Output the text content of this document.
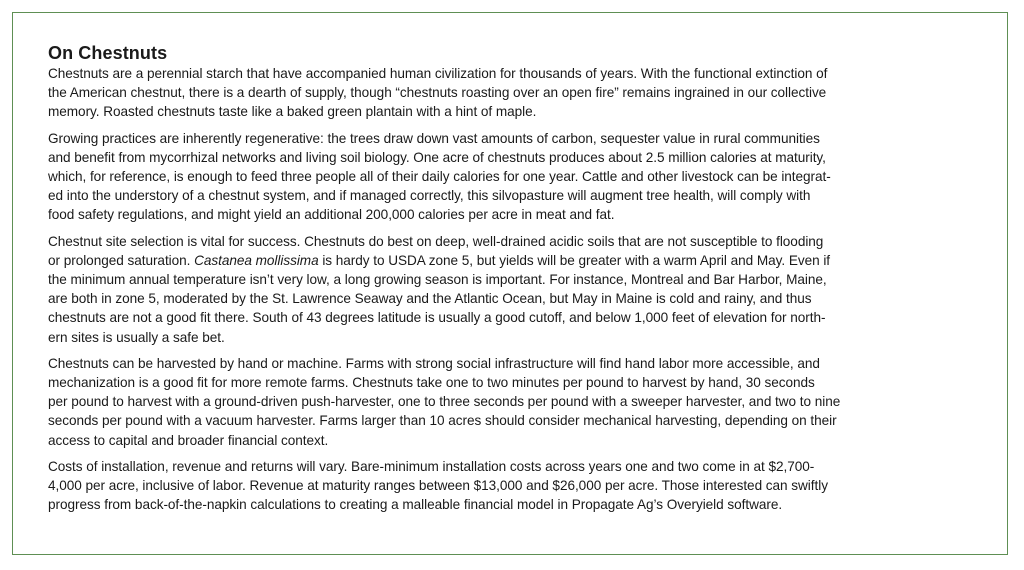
On Chestnuts

Chestnuts are a perennial starch that have accompanied human civilization for thousands of years. With the functional extinction of
the American chestnut, there is a dearth of supply, though “chestnuts roasting over an open fire” remains ingrained in our collective
memory. Roasted chestnuts taste like a baked green plantain with a hint of maple.

Growing practices are inherently regenerative: the trees draw down vast amounts of carbon, sequester value in rural communities
and benefit from mycorrhizal networks and living soil biology. One acre of chestnuts produces about 2.5 million calories at maturity,
which, for reference, is enough to feed three people all of their daily calories for one year. Cattle and other livestock can be integrat-
ed into the understory of a chestnut system, and if managed correctly, this silvopasture will augment tree health, will comply with
food safety regulations, and might yield an additional 200,000 calories per acre in meat and fat.

Chestnut site selection is vital for success. Chestnuts do best on deep, well-drained acidic soils that are not susceptible to flooding
or prolonged saturation. Castanea mollissima is hardy to USDA zone 5, but yields will be greater with a warm April and May. Even if
the minimum annual temperature isn’t very low, a long growing season is important. For instance, Montreal and Bar Harbor, Maine,
are both in zone 5, moderated by the St. Lawrence Seaway and the Atlantic Ocean, but May in Maine is cold and rainy, and thus
chestnuts are not a good fit there. South of 43 degrees latitude is usually a good cutoff, and below 1,000 feet of elevation for north-
ern sites is usually a safe bet.

Chestnuts can be harvested by hand or machine. Farms with strong social infrastructure will find hand labor more accessible, and
mechanization is a good fit for more remote farms. Chestnuts take one to two minutes per pound to harvest by hand, 30 seconds
per pound to harvest with a ground-driven push-harvester, one to three seconds per pound with a sweeper harvester, and two to nine
seconds per pound with a vacuum harvester. Farms larger than 10 acres should consider mechanical harvesting, depending on their
access to capital and broader financial context.

Costs of installation, revenue and returns will vary. Bare-minimum installation costs across years one and two come in at $2,700-
4,000 per acre, inclusive of labor. Revenue at maturity ranges between $13,000 and $26,000 per acre. Those interested can swiftly
progress from back-of-the-napkin calculations to creating a malleable financial model in Propagate Ag’s Overyield software.
